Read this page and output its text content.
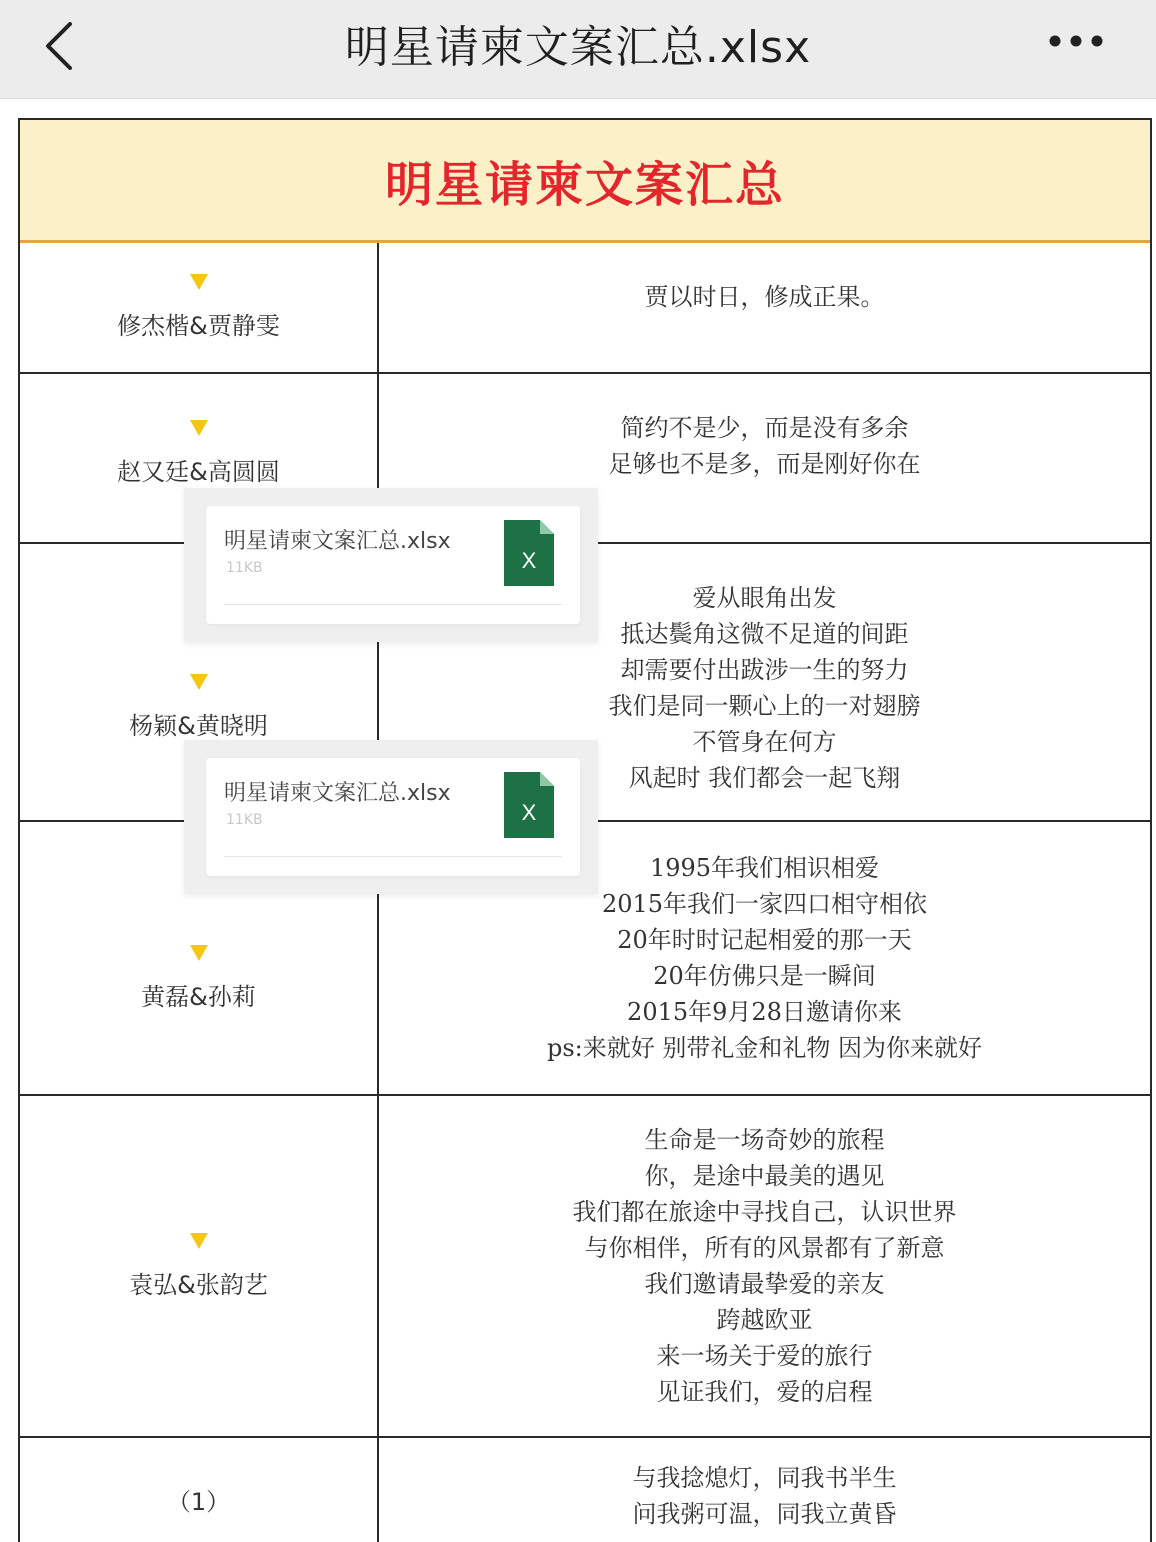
明星请柬文案汇总.xlsx
明星请柬文案汇总
修杰楷&贾静雯
贾以时日，修成正果。
赵又廷&高圆圆
简约不是少，而是没有多余
足够也不是多，而是刚好你在
杨颖&黄晓明
爱从眼角出发
抵达鬓角这微不足道的间距
却需要付出跋涉一生的努力
我们是同一颗心上的一对翅膀
不管身在何方
风起时 我们都会一起飞翔
黄磊&孙莉
1995年我们相识相爱
2015年我们一家四口相守相依
20年时时记起相爱的那一天
20年仿佛只是一瞬间
2015年9月28日邀请你来
ps:来就好 别带礼金和礼物 因为你来就好
袁弘&张韵艺
生命是一场奇妙的旅程
你，是途中最美的遇见
我们都在旅途中寻找自己，认识世界
与你相伴，所有的风景都有了新意
我们邀请最挚爱的亲友
跨越欧亚
来一场关于爱的旅行
见证我们，爱的启程
（1）
与我捻熄灯，同我书半生
问我粥可温，同我立黄昏
明星请柬文案汇总.xlsx
11KB	X
明星请柬文案汇总.xlsx
11KB	X
